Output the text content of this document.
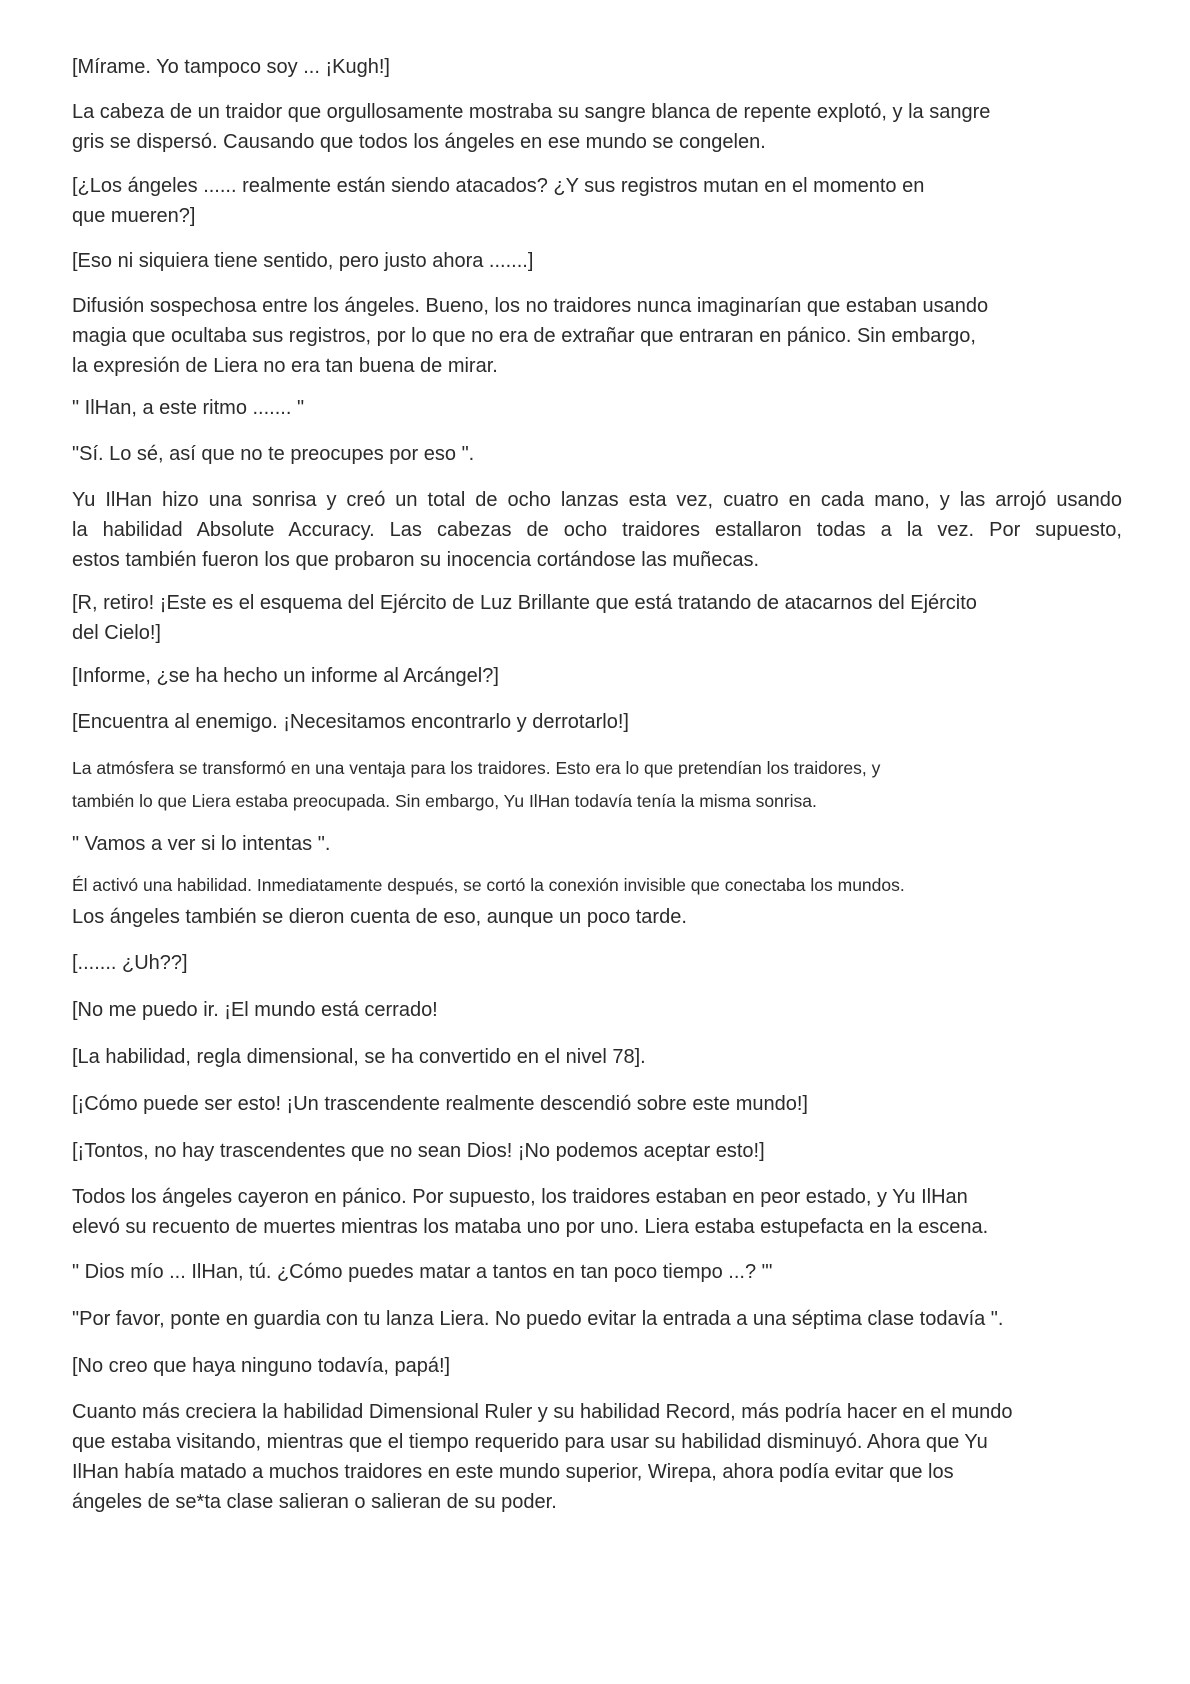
[Mírame. Yo tampoco soy ... ¡Kugh!]

La cabeza de un traidor que orgullosamente mostraba su sangre blanca de repente explotó, y la sangre
gris se dispersó. Causando que todos los ángeles en ese mundo se congelen.

[¿Los ángeles ...... realmente están siendo atacados? ¿Y sus registros mutan en el momento en
que mueren?]

[Eso ni siquiera tiene sentido, pero justo ahora .......]

Difusión sospechosa entre los ángeles. Bueno, los no traidores nunca imaginarían que estaban usando
magia que ocultaba sus registros, por lo que no era de extrañar que entraran en pánico. Sin embargo,
la expresión de Liera no era tan buena de mirar.

" IlHan, a este ritmo ....... "

"Sí. Lo sé, así que no te preocupes por eso ".

Yu IlHan hizo una sonrisa y creó un total de ocho lanzas esta vez, cuatro en cada mano, y las arrojó usando
la habilidad Absolute Accuracy. Las cabezas de ocho traidores estallaron todas a la vez. Por supuesto,
estos también fueron los que probaron su inocencia cortándose las muñecas.

[R, retiro! ¡Este es el esquema del Ejército de Luz Brillante que está tratando de atacarnos del Ejército
del Cielo!]

[Informe, ¿se ha hecho un informe al Arcángel?]

[Encuentra al enemigo. ¡Necesitamos encontrarlo y derrotarlo!]

La atmósfera se transformó en una ventaja para los traidores. Esto era lo que pretendían los traidores, y
también lo que Liera estaba preocupada. Sin embargo, Yu IlHan todavía tenía la misma sonrisa.

" Vamos a ver si lo intentas ".

Él activó una habilidad. Inmediatamente después, se cortó la conexión invisible que conectaba los mundos.

Los ángeles también se dieron cuenta de eso, aunque un poco tarde.

[....... ¿Uh??]

[No me puedo ir. ¡El mundo está cerrado!

[La habilidad, regla dimensional, se ha convertido en el nivel 78].

[¡Cómo puede ser esto! ¡Un trascendente realmente descendió sobre este mundo!]

[¡Tontos, no hay trascendentes que no sean Dios! ¡No podemos aceptar esto!]

Todos los ángeles cayeron en pánico. Por supuesto, los traidores estaban en peor estado, y Yu IlHan
elevó su recuento de muertes mientras los mataba uno por uno. Liera estaba estupefacta en la escena.

" Dios mío ... IlHan, tú. ¿Cómo puedes matar a tantos en tan poco tiempo ...? "'

"Por favor, ponte en guardia con tu lanza Liera. No puedo evitar la entrada a una séptima clase todavía ".

[No creo que haya ninguno todavía, papá!]

Cuanto más creciera la habilidad Dimensional Ruler y su habilidad Record, más podría hacer en el mundo
que estaba visitando, mientras que el tiempo requerido para usar su habilidad disminuyó. Ahora que Yu
IlHan había matado a muchos traidores en este mundo superior, Wirepa, ahora podía evitar que los
ángeles de se*ta clase salieran o salieran de su poder.
